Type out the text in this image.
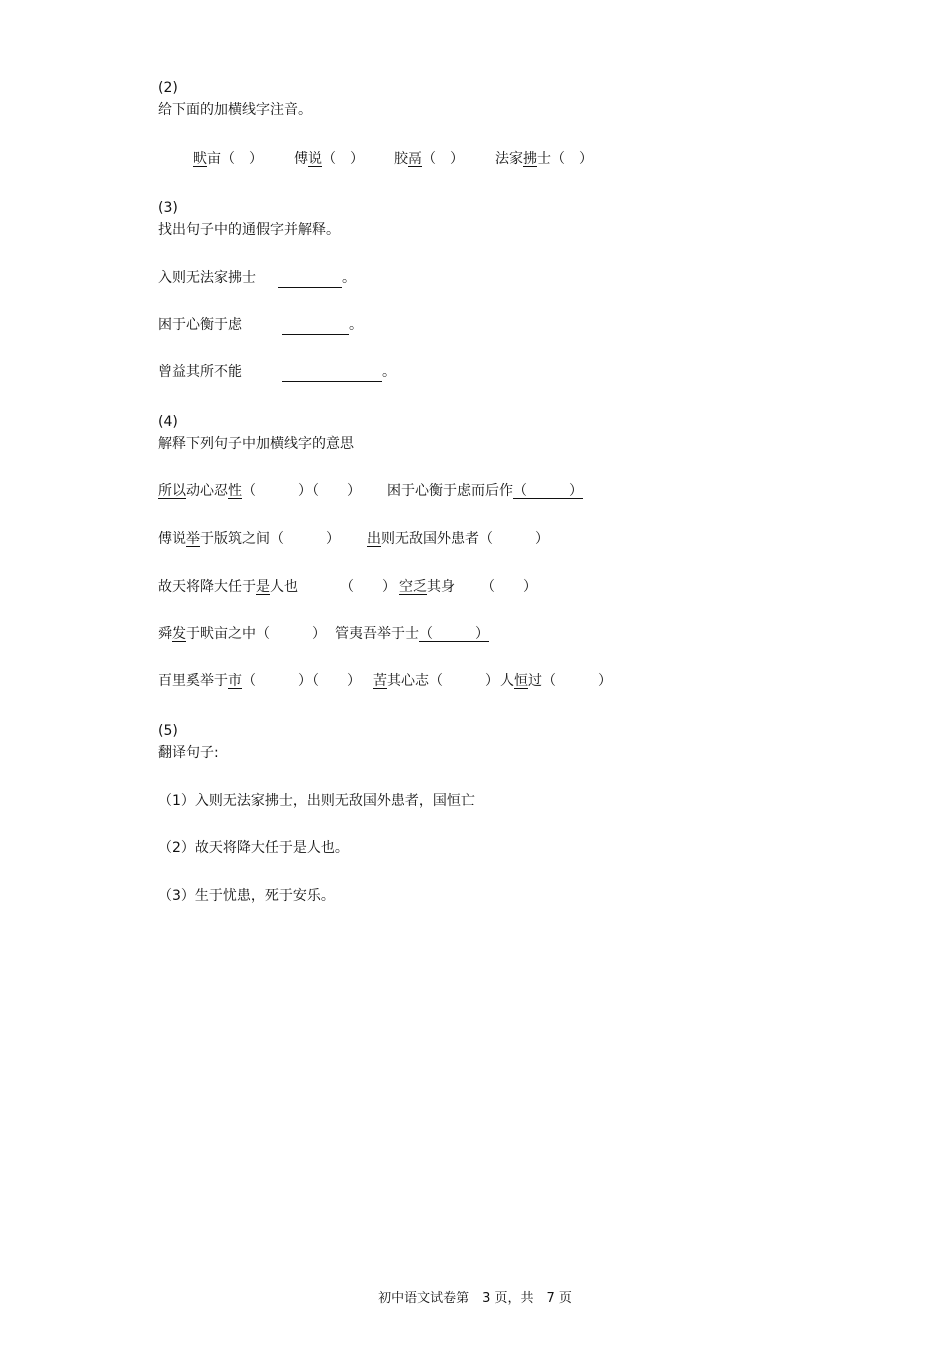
(2)
给下面的加横线字注音。
畎亩（　） 傅说（　） 胶鬲（　） 法家拂士（　）
(3)
找出句子中的通假字并解释。
入则无法家拂士	。
困于心衡于虑	。
曾益其所不能	。
(4)
解释下列句子中加横线字的意思
所以动心忍性（　　　）（　　） 困于心衡于虑而后作（　　　）
傅说举于版筑之间（　　　） 出则无敌国外患者（　　　）
故天将降大任于是人也	（　　） 空乏其身 （　　）
舜发于畎亩之中（　　　） 管夷吾举于士（　　　）
百里奚举于市（　　　）（　　） 苦其心志（　　　） 人恒过（　　　）
(5)
翻译句子:
（1）入则无法家拂士，出则无敌国外患者，国恒亡
（2）故天将降大任于是人也。
（3）生于忧患，死于安乐。
初中语文试卷第　3 页，共　7 页
